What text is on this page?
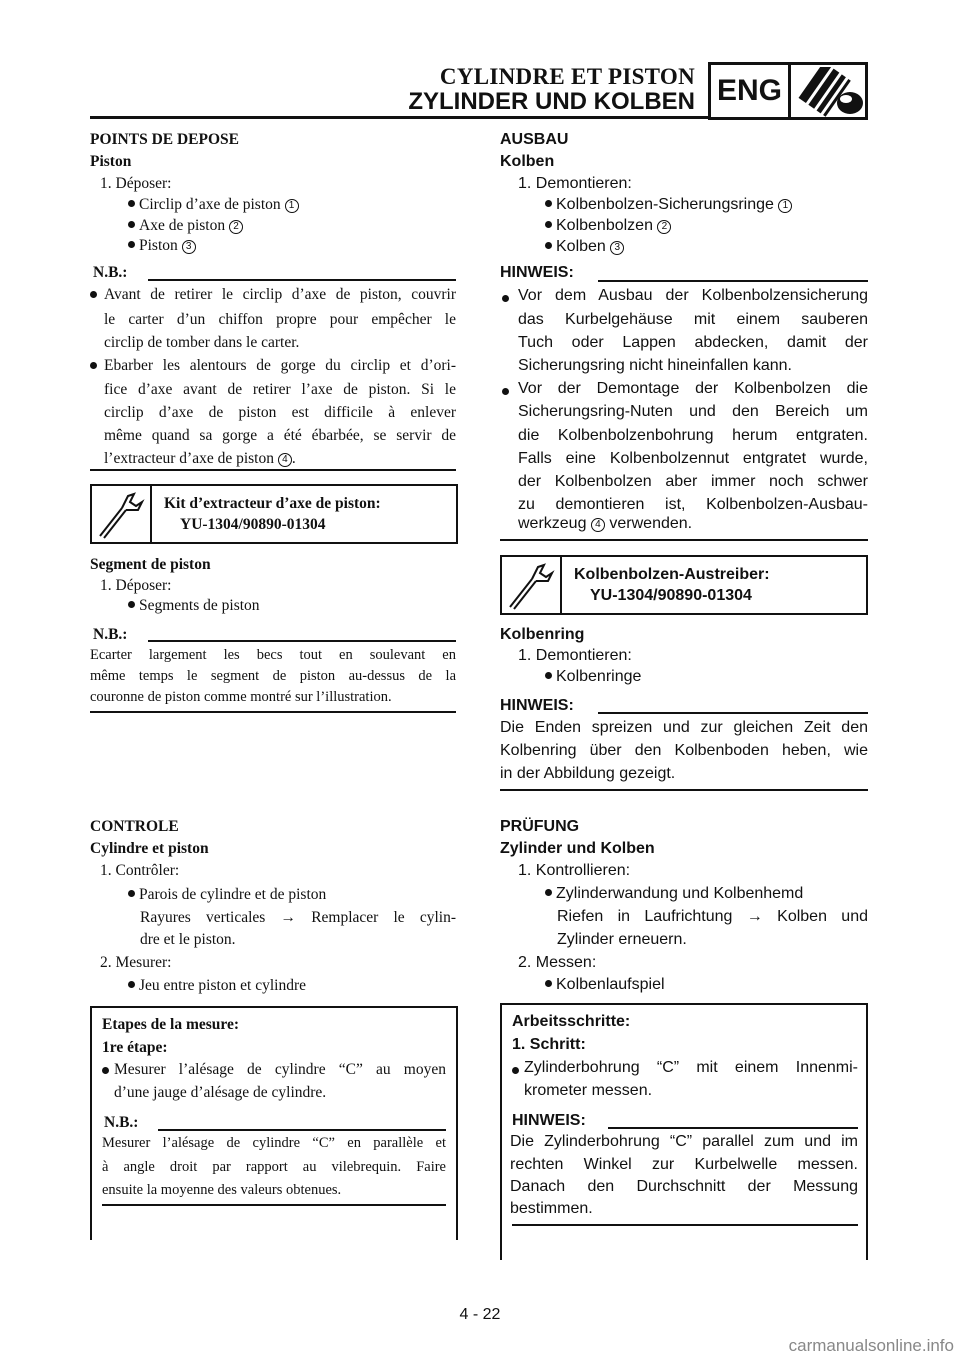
CYLINDRE ET PISTON
ZYLINDER UND KOLBEN ENG
POINTS DE DEPOSE
Piston
1. Déposer:
Circlip d’axe de piston 1
Axe de piston 2
Piston 3
N.B.:
Avant de retirer le circlip d’axe de piston, couvrir
le carter d’un chiffon propre pour empêcher le
circlip de tomber dans le carter.
Ebarber les alentours de gorge du circlip et d’ori-
fice d’axe avant de retirer l’axe de piston. Si le
circlip d’axe de piston est difficile à enlever
même quand sa gorge a été ébarbée, se servir de
l’extracteur d’axe de piston 4 .
Kit d’extracteur d’axe de piston:
YU-1304/90890-01304
Segment de piston
1. Déposer:
Segments de piston
N.B.:
Ecarter largement les becs tout en soulevant en
même temps le segment de piston au-dessus de la
couronne de piston comme montré sur l’illustration.
CONTROLE
Cylindre et piston
1. Contrôler:
Parois de cylindre et de piston
Rayures verticales → Remplacer le cylin-
dre et le piston.
2. Mesurer:
Jeu entre piston et cylindre
Etapes de la mesure:
1re étape:
Mesurer l’alésage de cylindre “C” au moyen
d’une jauge d’alésage de cylindre.
N.B.:
Mesurer l’alésage de cylindre “C” en parallèle et
à angle droit par rapport au vilebrequin. Faire
ensuite la moyenne des valeurs obtenues.
AUSBAU
Kolben
1. Demontieren:
Kolbenbolzen-Sicherungsringe 1
Kolbenbolzen 2
Kolben 3
HINWEIS:
Vor dem Ausbau der Kolbenbolzensicherung
das Kurbelgehäuse mit einem sauberen
Tuch oder Lappen abdecken, damit der
Sicherungsring nicht hineinfallen kann.
Vor der Demontage der Kolbenbolzen die
Sicherungsring-Nuten und den Bereich um
die Kolbenbolzenbohrung herum entgraten.
Falls eine Kolbenbolzennut entgratet wurde,
der Kolbenbolzen aber immer noch schwer
zu demontieren ist, Kolbenbolzen-Ausbau-
werkzeug 4 verwenden.
Kolbenbolzen-Austreiber:
YU-1304/90890-01304
Kolbenring
1. Demontieren:
Kolbenringe
HINWEIS:
Die Enden spreizen und zur gleichen Zeit den
Kolbenring über den Kolbenboden heben, wie
in der Abbildung gezeigt.
PRÜFUNG
Zylinder und Kolben
1. Kontrollieren:
Zylinderwandung und Kolbenhemd
Riefen in Laufrichtung → Kolben und
Zylinder erneuern.
2. Messen:
Kolbenlaufspiel
Arbeitsschritte:
1. Schritt:
Zylinderbohrung “C” mit einem Innenmi-
krometer messen.
HINWEIS:
Die Zylinderbohrung “C” parallel zum und im
rechten Winkel zur Kurbelwelle messen.
Danach den Durchschnitt der Messung
bestimmen.
4 - 22
carmanualsonline.info
